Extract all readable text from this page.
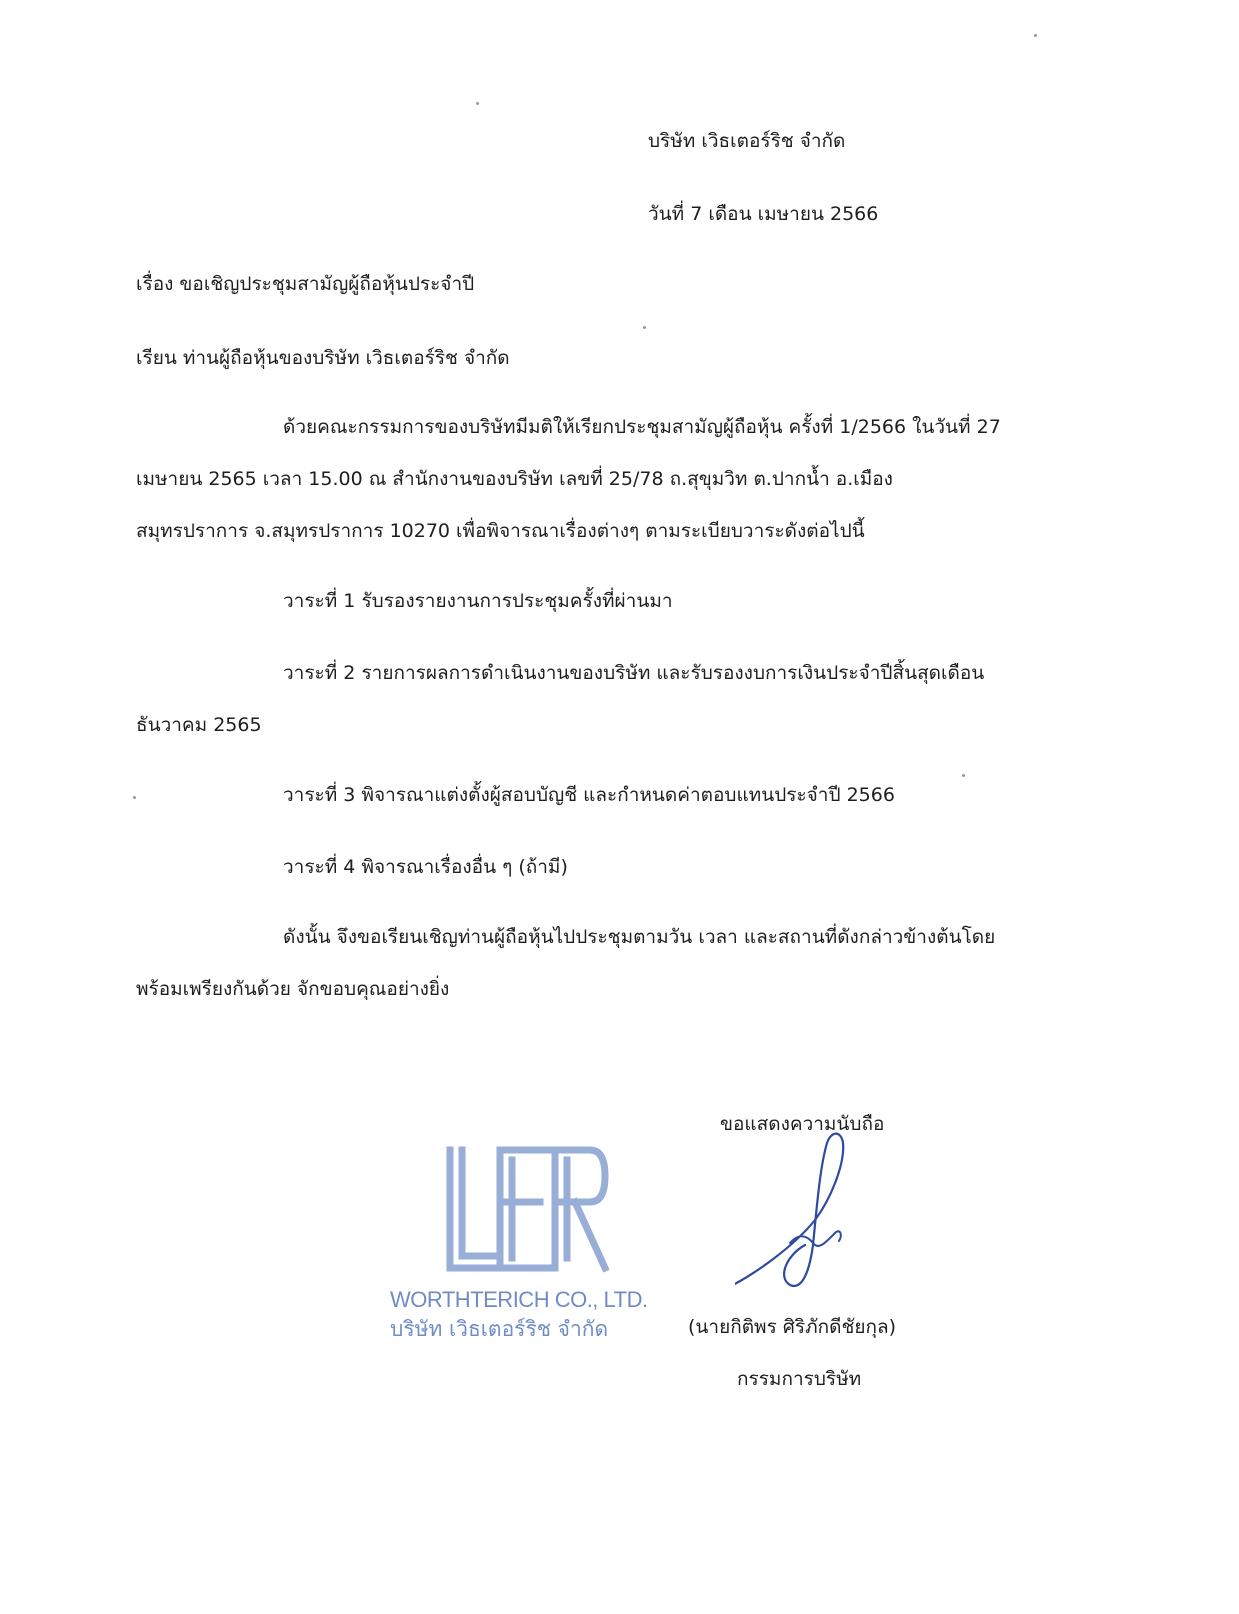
บริษัท เวิธเตอร์ริช จำกัด
วันที่ 7 เดือน เมษายน 2566
เรื่อง ขอเชิญประชุมสามัญผู้ถือหุ้นประจำปี
เรียน ท่านผู้ถือหุ้นของบริษัท เวิธเตอร์ริช จำกัด
ด้วยคณะกรรมการของบริษัทมีมติให้เรียกประชุมสามัญผู้ถือหุ้น ครั้งที่ 1/2566 ในวันที่ 27
เมษายน 2565 เวลา 15.00 ณ สำนักงานของบริษัท เลขที่ 25/78 ถ.สุขุมวิท ต.ปากน้ำ อ.เมือง
สมุทรปราการ จ.สมุทรปราการ 10270 เพื่อพิจารณาเรื่องต่างๆ ตามระเบียบวาระดังต่อไปนี้
วาระที่ 1 รับรองรายงานการประชุมครั้งที่ผ่านมา
วาระที่ 2 รายการผลการดำเนินงานของบริษัท และรับรองงบการเงินประจำปีสิ้นสุดเดือน
ธันวาคม 2565
วาระที่ 3 พิจารณาแต่งตั้งผู้สอบบัญชี และกำหนดค่าตอบแทนประจำปี 2566
วาระที่ 4 พิจารณาเรื่องอื่น ๆ (ถ้ามี)
ดังนั้น จึงขอเรียนเชิญท่านผู้ถือหุ้นไปประชุมตามวัน เวลา และสถานที่ดังกล่าวข้างต้นโดย
พร้อมเพรียงกันด้วย จักขอบคุณอย่างยิ่ง
ขอแสดงความนับถือ
WORTHTERICH CO., LTD.
บริษัท เวิธเตอร์ริช จำกัด	(นายกิติพร ศิริภักดีชัยกุล)
กรรมการบริษัท
